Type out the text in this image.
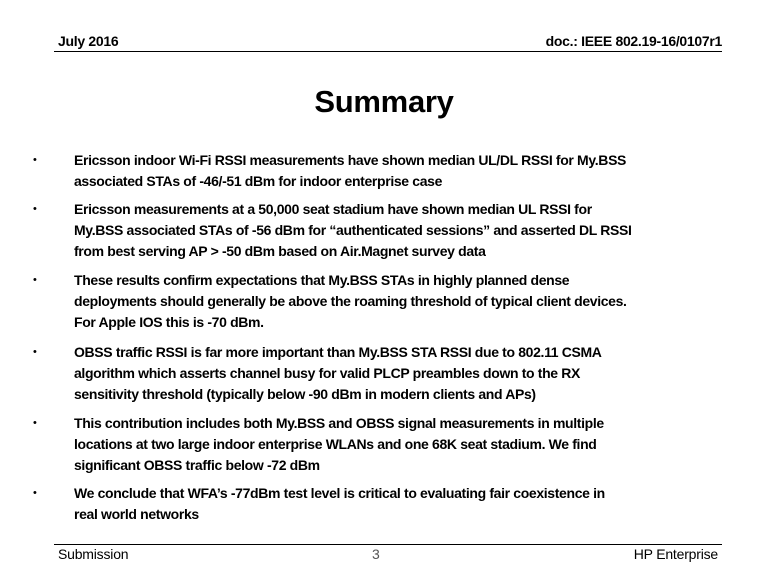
July 2016	doc.: IEEE 802.19-16/0107r1
Summary
•	Ericsson indoor Wi-Fi RSSI measurements have shown median UL/DL RSSI for My.BSS
associated STAs of -46/-51 dBm for indoor enterprise case
•	Ericsson measurements at a 50,000 seat stadium have shown median UL RSSI for
My.BSS associated STAs of -56 dBm for “authenticated sessions” and asserted DL RSSI
from best serving AP > -50 dBm based on Air.Magnet survey data
•	These results confirm expectations that My.BSS STAs in highly planned dense
deployments should generally be above the roaming threshold of typical client devices.
For Apple IOS this is -70 dBm.
•	OBSS traffic RSSI is far more important than My.BSS STA RSSI due to 802.11 CSMA
algorithm which asserts channel busy for valid PLCP preambles down to the RX
sensitivity threshold (typically below -90 dBm in modern clients and APs)
•	This contribution includes both My.BSS and OBSS signal measurements in multiple
locations at two large indoor enterprise WLANs and one 68K seat stadium. We find
significant OBSS traffic below -72 dBm
•	We conclude that WFA’s -77dBm test level is critical to evaluating fair coexistence in
real world networks
Submission	3	HP Enterprise
